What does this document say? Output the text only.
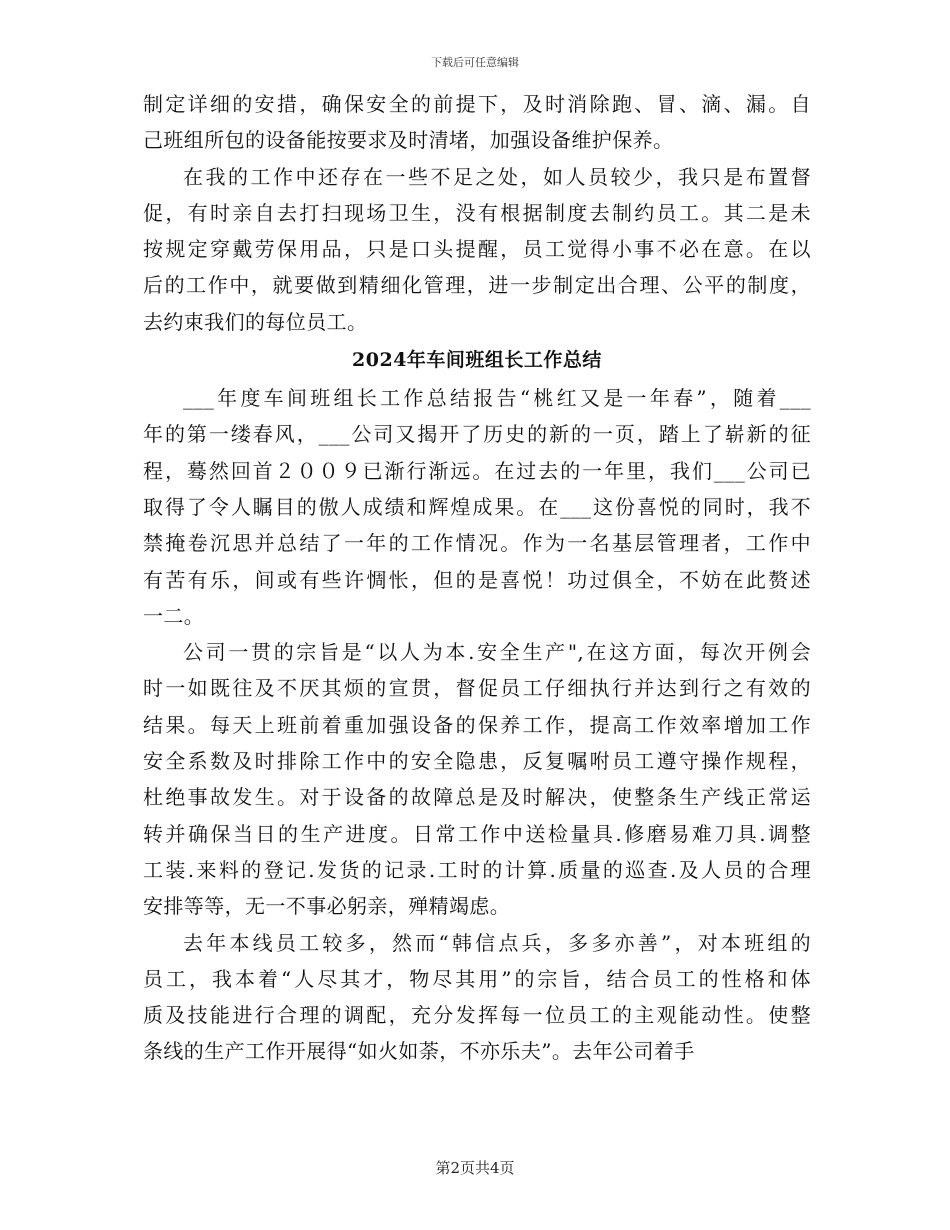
下载后可任意编辑
制定详细的安措，确保安全的前提下，及时消除跑、冒、滴、漏。自
己班组所包的设备能按要求及时清堵，加强设备维护保养。
在我的工作中还存在一些不足之处，如人员较少，我只是布置督
促，有时亲自去打扫现场卫生，没有根据制度去制约员工。其二是未
按规定穿戴劳保用品，只是口头提醒，员工觉得小事不必在意。在以
后的工作中，就要做到精细化管理，进一步制定出合理、公平的制度，
去约束我们的每位员工。
2024年车间班组长工作总结
___年度车间班组长工作总结报告“桃红又是一年春”，随着___
年的第一缕春风，___公司又揭开了历史的新的一页，踏上了崭新的征
程，蓦然回首２００９已渐行渐远。在过去的一年里，我们___公司已
取得了令人瞩目的傲人成绩和辉煌成果。在___这份喜悦的同时，我不
禁掩卷沉思并总结了一年的工作情况。作为一名基层管理者，工作中
有苦有乐，间或有些许惆怅，但的是喜悦！功过俱全，不妨在此赘述
一二。
公司一贯的宗旨是“以人为本.安全生产",在这方面，每次开例会
时一如既往及不厌其烦的宣贯，督促员工仔细执行并达到行之有效的
结果。每天上班前着重加强设备的保养工作，提高工作效率增加工作
安全系数及时排除工作中的安全隐患，反复嘱咐员工遵守操作规程，
杜绝事故发生。对于设备的故障总是及时解决，使整条生产线正常运
转并确保当日的生产进度。日常工作中送检量具.修磨易难刀具.调整
工装.来料的登记.发货的记录.工时的计算.质量的巡查.及人员的合理
安排等等，无一不事必躬亲，殚精竭虑。
去年本线员工较多，然而“韩信点兵，多多亦善”，对本班组的
员工，我本着“人尽其才，物尽其用”的宗旨，结合员工的性格和体
质及技能进行合理的调配，充分发挥每一位员工的主观能动性。使整
条线的生产工作开展得“如火如荼，不亦乐夫”。去年公司着手
第2页共4页
